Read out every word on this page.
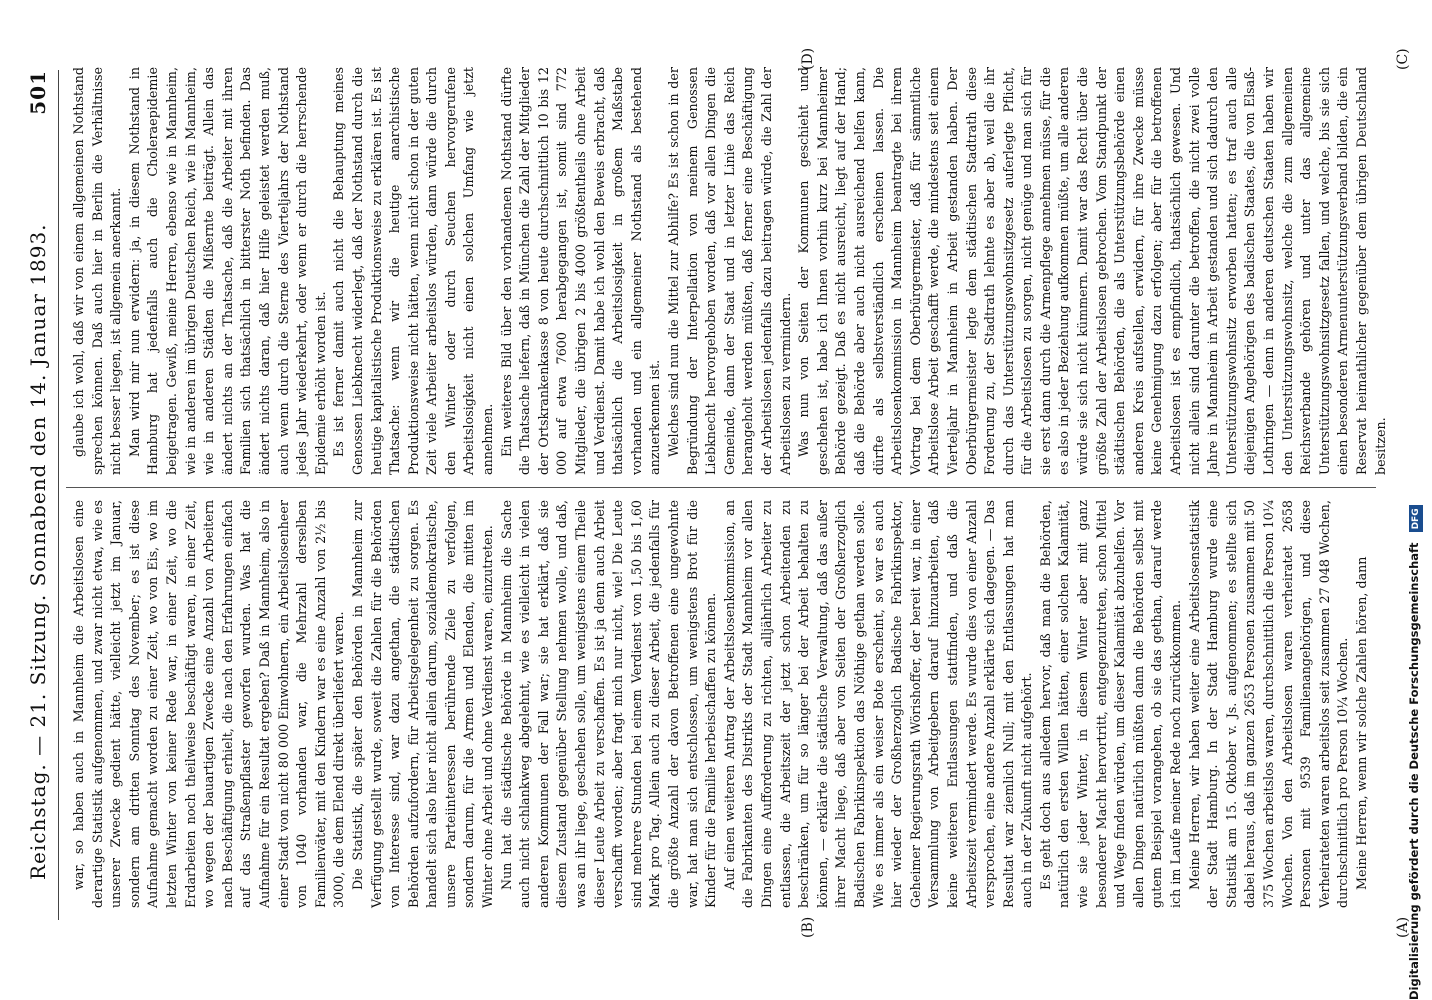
Reichstag. — 21. Sitzung. Sonnabend den 14. Januar 1893.
501
(A)
(B)
(C)
(D)

war, so haben auch in Mannheim die Arbeitslosen eine derartige Statistik aufgenommen, und zwar nicht etwa, wie es unserer Zwecke gedient hätte, vielleicht jetzt im Januar, sondern am dritten Sonntag des November; es ist diese Aufnahme gemacht worden zu einer Zeit, wo von Eis, wo im letzten Winter von keiner Rede war, in einer Zeit, wo die Erdarbeiten noch theilweise beschäftigt waren, in einer Zeit, wo wegen der bauartigen Zwecke eine Anzahl von Arbeitern nach Beschäftigung erhielt, die nach den Erfahrungen einfach auf das Straßenpflaster geworfen wurden. Was hat die Aufnahme für ein Resultat ergeben? Daß in Mannheim, also in einer Stadt von nicht 80 000 Einwohnern, ein Arbeitslosenheer von 1040 vorhanden war, die Mehrzahl derselben Familienväter, mit den Kindern war es eine Anzahl von 2½ bis 3000, die dem Elend direkt überliefert waren. Die Statistik, die später den Behörden in Mannheim zur Verfügung gestellt wurde, soweit die Zahlen für die Behörden von Interesse sind, war dazu angethan, die städtischen Behörden aufzufordern, für Arbeitsgelegenheit zu sorgen. Es handelt sich also hier nicht allein darum, sozialdemokratische, unsere Parteiinteressen berührende Ziele zu verfolgen, sondern darum, für die Armen und Elenden, die mitten im Winter ohne Arbeit und ohne Verdienst waren, einzutreten. Nun hat die städtische Behörde in Mannheim die Sache auch nicht schlankweg abgelehnt, wie es vielleicht in vielen anderen Kommunen der Fall war; sie hat erklärt, daß sie diesem Zustand gegenüber Stellung nehmen wolle, und daß, was an ihr liege, geschehen solle, um wenigstens einem Theile dieser Leute Arbeit zu verschaffen. Es ist ja denn auch Arbeit verschafft worden; aber fragt mich nur nicht, wie! Die Leute sind mehrere Stunden bei einem Verdienst von 1,50 bis 1,60 Mark pro Tag. Allein auch zu dieser Arbeit, die jedenfalls für die größte Anzahl der davon Betroffenen eine ungewohnte war, hat man sich entschlossen, um wenigstens Brot für die Kinder für die Familie herbeischaffen zu können. Auf einen weiteren Antrag der Arbeitslosenkommission, an die Fabrikanten des Distrikts der Stadt Mannheim vor allen Dingen eine Aufforderung zu richten, alljährlich Arbeiter zu entlassen, die Arbeitszeit der jetzt schon Arbeitenden zu beschränken, um für so länger bei der Arbeit behalten zu können, — erklärte die städtische Verwaltung, daß das außer ihrer Macht liege, daß aber von Seiten der Großherzoglich Badischen Fabrikinspektion das Nöthige gethan werden solle. Wie es immer als ein weiser Bote erscheint, so war es auch hier wieder der Großherzoglich Badische Fabrikinspektor, Geheimer Regierungsrath Wörishoffer, der bereit war, in einer Versammlung von Arbeitgebern darauf hinzuarbeiten, daß keine weiteren Entlassungen stattfinden, und daß die Arbeitszeit vermindert werde. Es wurde dies von einer Anzahl versprochen, eine andere Anzahl erklärte sich dagegen. — Das Resultat war ziemlich Null; mit den Entlassungen hat man auch in der Zukunft nicht aufgehört. Es geht doch aus alledem hervor, daß man die Behörden, natürlich den ersten Willen hätten, einer solchen Kalamität, wie sie jeder Winter, in diesem Winter aber mit ganz besonderer Macht hervortritt, entgegenzutreten, schon Mittel und Wege finden würden, um dieser Kalamität abzuhelfen. Vor allen Dingen natürlich müßten dann die Behörden selbst mit gutem Beispiel vorangehen, ob sie das gethan, darauf werde ich im Laufe meiner Rede noch zurückkommen. Meine Herren, wir haben weiter eine Arbeitslosenstatistik der Stadt Hamburg. In der Stadt Hamburg wurde eine Statistik am 15. Oktober v. Js. aufgenommen; es stellte sich dabei heraus, daß im ganzen 2653 Personen zusammen mit 50 375 Wochen arbeitslos waren, durchschnittlich die Person 10¼ Wochen. Von den Arbeitslosen waren verheiratet 2658 Personen mit 9539 Familienangehörigen, und diese Verheirateten waren arbeitslos seit zusammen 27 048 Wochen, durchschnittlich pro Person 10¼ Wochen. Meine Herren, wenn wir solche Zahlen hören, dann

glaube ich wohl, daß wir von einem allgemeinen Nothstand sprechen können. Daß auch hier in Berlin die Verhältnisse nicht besser liegen, ist allgemein anerkannt. Man wird mir nun erwidern: ja, in diesem Nothstand in Hamburg hat jedenfalls auch die Choleraepidemie beigetragen. Gewiß, meine Herren, ebenso wie in Mannheim, wie in anderen im übrigen Deutschen Reich, wie in Mannheim, wie in anderen Städten die Mißernte beiträgt. Allein das ändert nichts an der Thatsache, daß die Arbeiter mit ihren Familien sich thatsächlich in bitterster Noth befinden. Das ändert nichts daran, daß hier Hilfe geleistet werden muß, auch wenn durch die Sterne des Vierteljahrs der Nothstand jedes Jahr wiederkehrt, oder wenn er durch die herrschende Epidemie erhöht worden ist. Es ist ferner damit auch nicht die Behauptung meines Genossen Liebknecht widerlegt, daß der Nothstand durch die heutige kapitalistische Produktionsweise zu erklären ist. Es ist Thatsache: wenn wir die heutige anarchistische Produktionsweise nicht hätten, wenn nicht schon in der guten Zeit viele Arbeiter arbeitslos würden, dann würde die durch den Winter oder durch Seuchen hervorgerufene Arbeitslosigkeit nicht einen solchen Umfang wie jetzt annehmen. Ein weiteres Bild über den vorhandenen Nothstand dürfte die Thatsache liefern, daß in München die Zahl der Mitglieder der Ortskrankenkasse 8 von heute durchschnittlich 10 bis 12 000 auf etwa 7600 herabgegangen ist, somit sind 772 Mitglieder, die übrigen 2 bis 4000 größtentheils ohne Arbeit und Verdienst. Damit habe ich wohl den Beweis erbracht, daß thatsächlich die Arbeitslosigkeit in großem Maßstabe vorhanden und ein allgemeiner Nothstand als bestehend anzuerkennen ist. Welches sind nun die Mittel zur Abhilfe? Es ist schon in der Begründung der Interpellation von meinem Genossen Liebknecht hervorgehoben worden, daß vor allen Dingen die Gemeinde, dann der Staat und in letzter Linie das Reich herangeholt werden müßten, daß ferner eine Beschäftigung der Arbeitslosen jedenfalls dazu beitragen würde, die Zahl der Arbeitslosen zu vermindern. Was nun von Seiten der Kommunen geschieht und geschehen ist, habe ich Ihnen vorhin kurz bei Mannheimer Behörde gezeigt. Daß es nicht ausreicht, liegt auf der Hand; daß die Behörde aber auch nicht ausreichend helfen kann, dürfte als selbstverständlich erscheinen lassen. Die Arbeitslosenkommission in Mannheim beantragte bei ihrem Vortrag bei dem Oberbürgermeister, daß für sämmtliche Arbeitslose Arbeit geschafft werde, die mindestens seit einem Vierteljahr in Mannheim in Arbeit gestanden haben. Der Oberbürgermeister legte dem städtischen Stadtrath diese Forderung zu, der Stadtrath lehnte es aber ab, weil die ihr durch das Unterstützungswohnsitzgesetz auferlegte Pflicht, für die Arbeitslosen zu sorgen, nicht genüge und man sich für sie erst dann durch die Armenpflege annehmen müsse, für die es also in jeder Beziehung aufkommen müßte, um alle anderen würde sie sich nicht kümmern. Damit war das Recht über die größte Zahl der Arbeitslosen gebrochen. Vom Standpunkt der städtischen Behörden, die als Unterstützungsbehörde einen anderen Kreis aufstellen, erwidern, für ihre Zwecke müsse keine Genehmigung dazu erfolgen; aber für die betroffenen Arbeitslosen ist es empfindlich, thatsächlich gewesen. Und nicht allein sind darunter die betroffen, die nicht zwei volle Jahre in Mannheim in Arbeit gestanden und sich dadurch den Unterstützungswohnsitz erworben hatten; es traf auch alle diejenigen Angehörigen des badischen Staates, die von Elsaß-Lothringen — denn in anderen deutschen Staaten haben wir den Unterstützungswohnsitz, welche die zum allgemeinen Reichsverbande gehören und unter das allgemeine Unterstützungswohnsitzgesetz fallen, und welche, bis sie sich einen besonderen Armenunterstützungsverband bilden, die ein Reservat heimathlicher gegenüber dem übrigen Deutschland besitzen.

Digitalisierung gefördert durch die Deutsche Forschungsgemeinschaft DFG
